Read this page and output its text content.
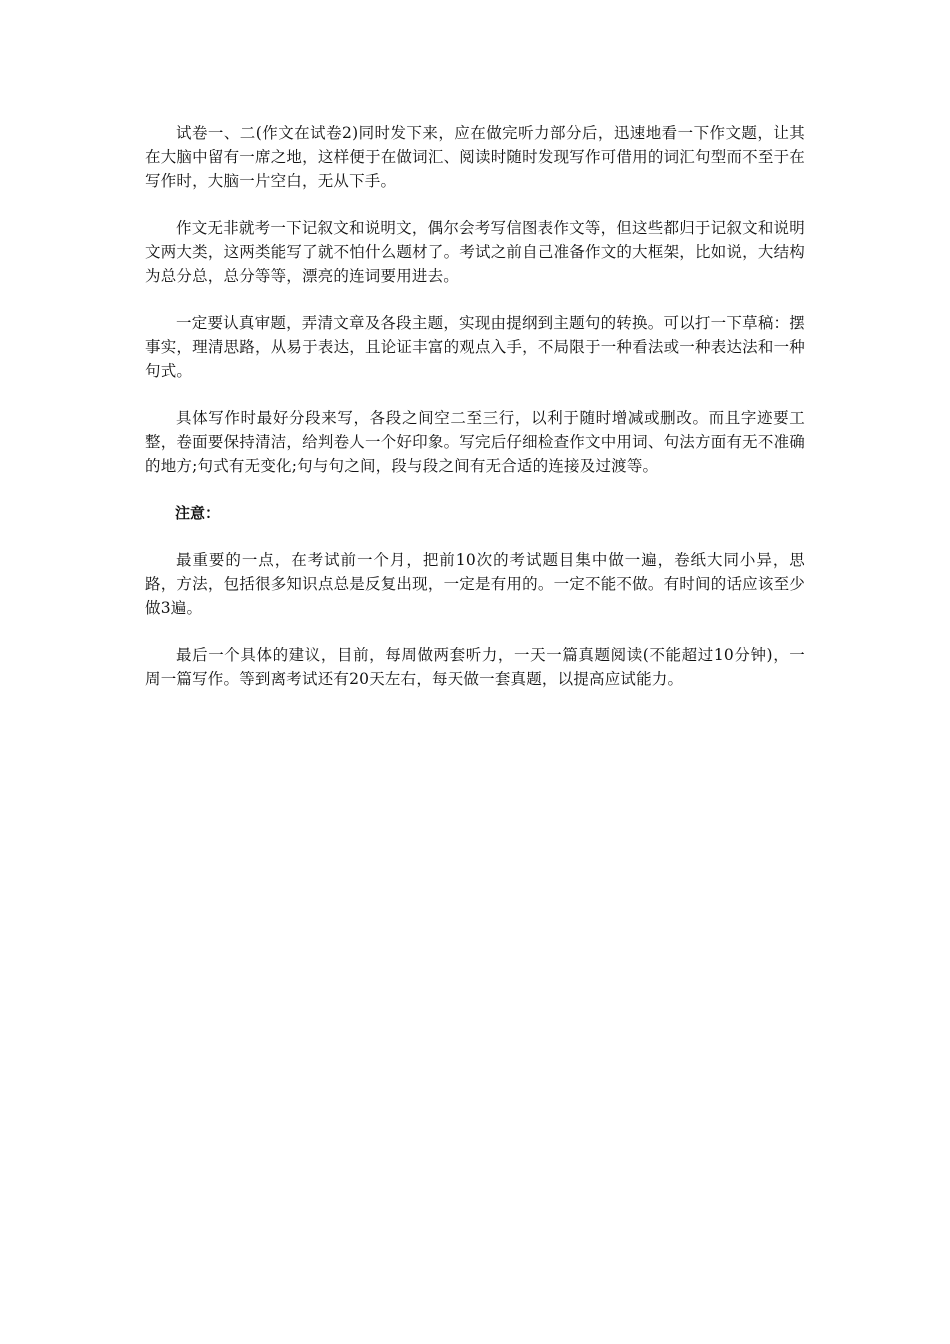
试卷一、二(作文在试卷2)同时发下来，应在做完听力部分后，迅速地看一下作文题，让其在大脑中留有一席之地，这样便于在做词汇、阅读时随时发现写作可借用的词汇句型而不至于在写作时，大脑一片空白，无从下手。

作文无非就考一下记叙文和说明文，偶尔会考写信图表作文等，但这些都归于记叙文和说明文两大类，这两类能写了就不怕什么题材了。考试之前自己准备作文的大框架，比如说，大结构为总分总，总分等等，漂亮的连词要用进去。

一定要认真审题，弄清文章及各段主题，实现由提纲到主题句的转换。可以打一下草稿：摆事实，理清思路，从易于表达，且论证丰富的观点入手，不局限于一种看法或一种表达法和一种句式。

具体写作时最好分段来写，各段之间空二至三行，以利于随时增减或删改。而且字迹要工整，卷面要保持清洁，给判卷人一个好印象。写完后仔细检查作文中用词、句法方面有无不准确的地方;句式有无变化;句与句之间，段与段之间有无合适的连接及过渡等。

注意：

最重要的一点，在考试前一个月，把前10次的考试题目集中做一遍，卷纸大同小异，思路，方法，包括很多知识点总是反复出现，一定是有用的。一定不能不做。有时间的话应该至少做3遍。

最后一个具体的建议，目前，每周做两套听力，一天一篇真题阅读(不能超过10分钟)，一周一篇写作。等到离考试还有20天左右，每天做一套真题，以提高应试能力。
